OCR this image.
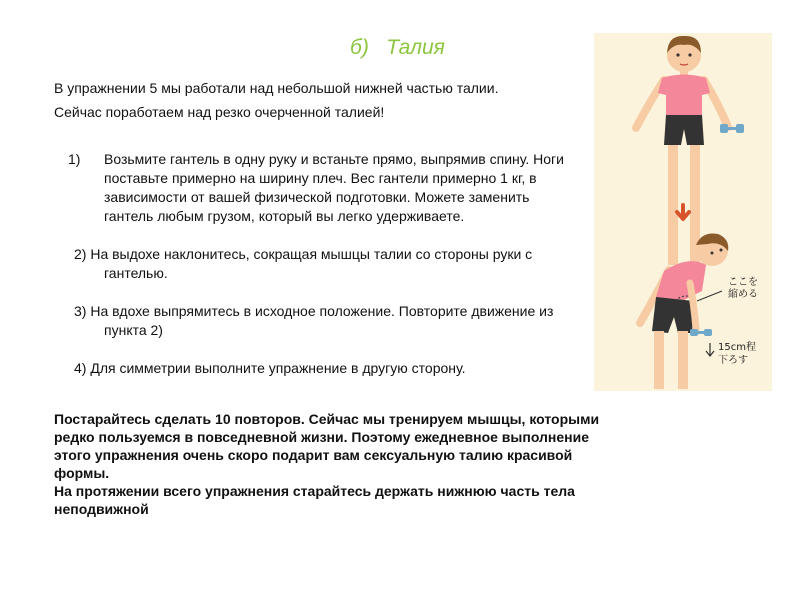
б)   Талия
В упражнении 5 мы работали над небольшой нижней частью талии.
Сейчас поработаем над резко очерченной талией!
1) Возьмите гантель в одну руку и встаньте прямо, выпрямив спину. Ноги поставьте примерно на ширину плеч. Вес гантели примерно 1 кг, в зависимости от вашей физической подготовки. Можете заменить гантель любым грузом, который вы легко удерживаете.
2) На выдохе наклонитесь, сокращая мышцы талии со стороны руки с гантелью.
3) На вдохе выпрямитесь в исходное положение. Повторите движение из пункта 2)
4) Для симметрии выполните упражнение в другую сторону.
Постарайтесь сделать 10 повторов. Сейчас мы тренируем мышцы, которыми редко пользуемся в повседневной жизни. Поэтому ежедневное выполнение этого упражнения очень скоро подарит вам сексуальную талию красивой формы.
На протяжении всего упражнения старайтесь держать нижнюю часть тела неподвижной
ここを
縮める
15cm程
下ろす
